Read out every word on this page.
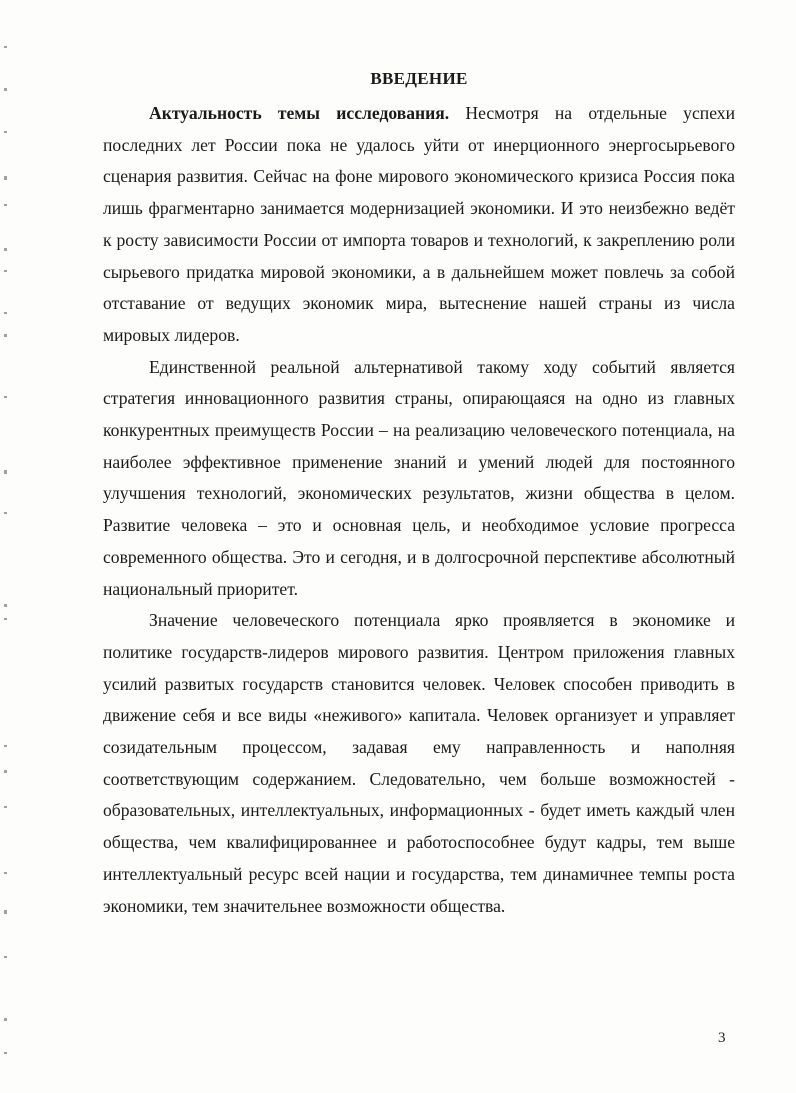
ВВЕДЕНИЕ

Актуальность темы исследования. Несмотря на отдельные успехи последних лет России пока не удалось уйти от инерционного энергосырьевого сценария развития. Сейчас на фоне мирового экономического кризиса Россия пока лишь фрагментарно занимается модернизацией экономики. И это неизбежно ведёт к росту зависимости России от импорта товаров и технологий, к закреплению роли сырьевого придатка мировой экономики, а в дальнейшем может повлечь за собой отставание от ведущих экономик мира, вытеснение нашей страны из числа мировых лидеров.

Единственной реальной альтернативой такому ходу событий является стратегия инновационного развития страны, опирающаяся на одно из главных конкурентных преимуществ России – на реализацию человеческого потенциала, на наиболее эффективное применение знаний и умений людей для постоянного улучшения технологий, экономических результатов, жизни общества в целом. Развитие человека – это и основная цель, и необходимое условие прогресса современного общества. Это и сегодня, и в долгосрочной перспективе абсолютный национальный приоритет.

Значение человеческого потенциала ярко проявляется в экономике и политике государств-лидеров мирового развития. Центром приложения главных усилий развитых государств становится человек. Человек способен приводить в движение себя и все виды «неживого» капитала. Человек организует и управляет созидательным процессом, задавая ему направленность и наполняя соответствующим содержанием. Следовательно, чем больше возможностей - образовательных, интеллектуальных, информационных - будет иметь каждый член общества, чем квалифицированнее и работоспособнее будут кадры, тем выше интеллектуальный ресурс всей нации и государства, тем динамичнее темпы роста экономики, тем значительнее возможности общества.

3
